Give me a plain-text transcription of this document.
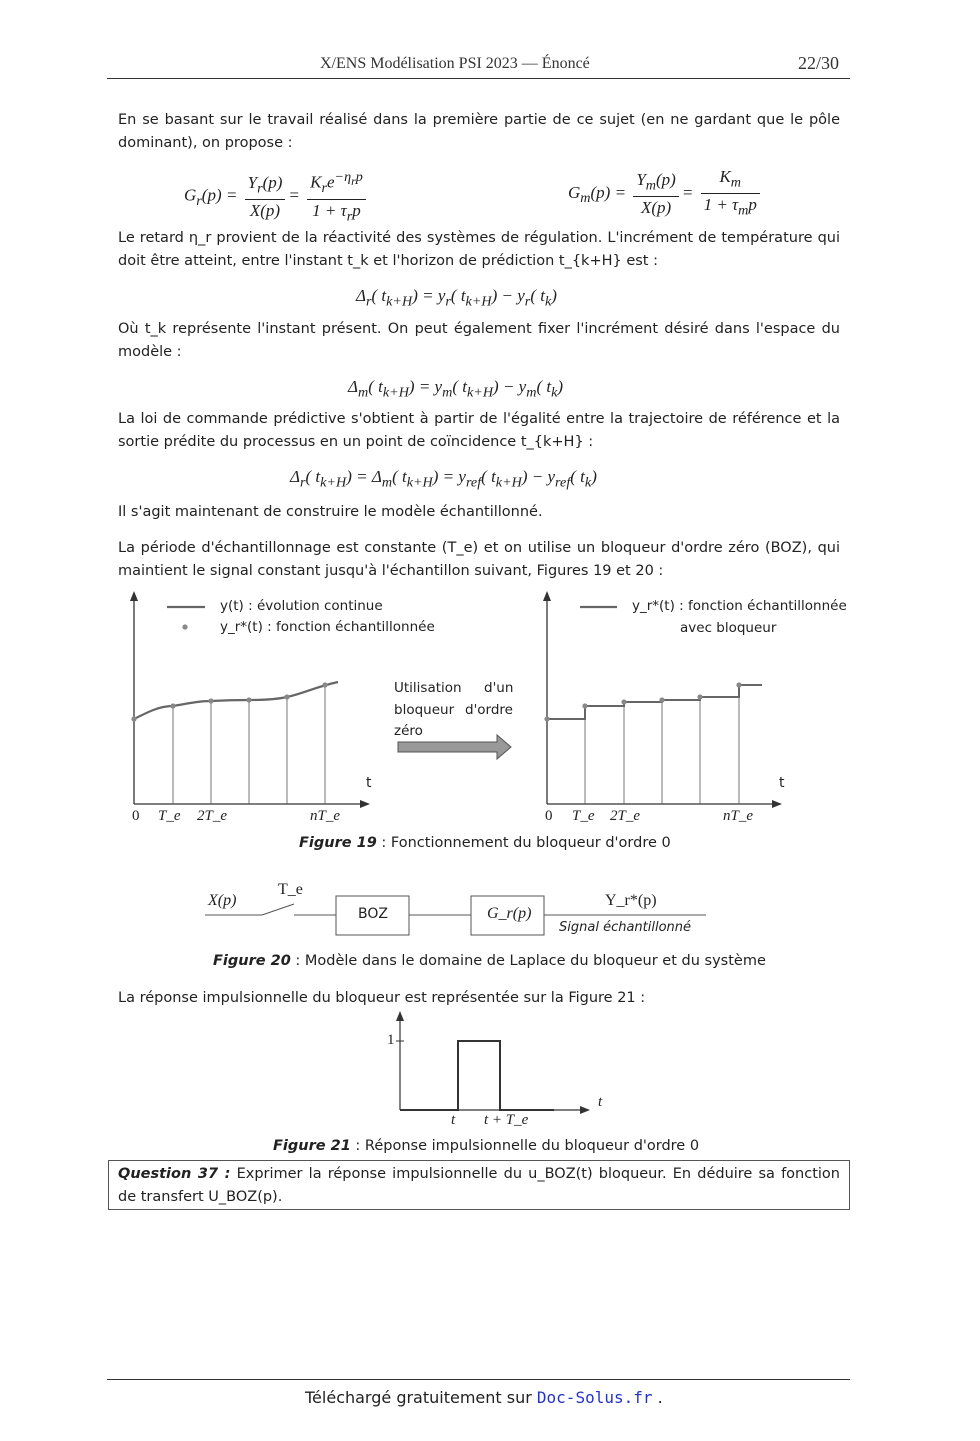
X/ENS Modélisation PSI 2023 — Énoncé	22/30
En se basant sur le travail réalisé dans la première partie de ce sujet (en ne gardant que le pôle dominant), on propose :
$G_r(p) = \frac{Y_r(p)}{X(p)} = \frac{K_re^{-\eta_rp}}{1 + \tau_rp}$	$G_m(p) = \frac{Y_m(p)}{X(p)} = \frac{K_m}{1 + \tau_mp}$
Le retard η_r provient de la réactivité des systèmes de régulation. L'incrément de température qui doit être atteint, entre l'instant t_k et l'horizon de prédiction t_{k+H} est :
$\Delta_r$( $t_{k+H}) = y_r$( $t_{k+H}) - y_r$( $t_k$)
Où t_k représente l'instant présent. On peut également fixer l'incrément désiré dans l'espace du modèle :
$\Delta_m$( $t_{k+H}) = y_m$( $t_{k+H}) - y_m$( $t_k$)
La loi de commande prédictive s'obtient à partir de l'égalité entre la trajectoire de référence et la sortie prédite du processus en un point de coïncidence t_{k+H} :
$\Delta_r$( $t_{k+H}) = \Delta_m$( $t_{k+H}) = y_{ref}$( $t_{k+H}) - y_{ref}$( $t_k$)
Il s'agit maintenant de construire le modèle échantillonné.
La période d'échantillonnage est constante (T_e) et on utilise un bloqueur d'ordre zéro (BOZ), qui maintient le signal constant jusqu'à l'échantillon suivant, Figures 19 et 20 :
y(t) : évolution continue
y_r*(t) : fonction échantillonnée
y_r*(t) : fonction échantillonnée
avec bloqueur
Utilisation d'un
bloqueur d'ordre
zéro
t	t
0 T_e 2T_e	nT_e	0 T_e 2T_e	nT_e
Figure 19 : Fonctionnement du bloqueur d'ordre 0
X(p)
T_e
BOZ	G_r(p)
Y_r*(p)
Signal échantillonné
Figure 20 : Modèle dans le domaine de Laplace du bloqueur et du système
La réponse impulsionnelle du bloqueur est représentée sur la Figure 21 :
1
t
t t + T_e
Figure 21 : Réponse impulsionnelle du bloqueur d'ordre 0
Question 37 : Exprimer la réponse impulsionnelle du u_BOZ(t) bloqueur. En déduire sa fonction de transfert U_BOZ(p).
Téléchargé gratuitement sur Doc-Solus.fr .
